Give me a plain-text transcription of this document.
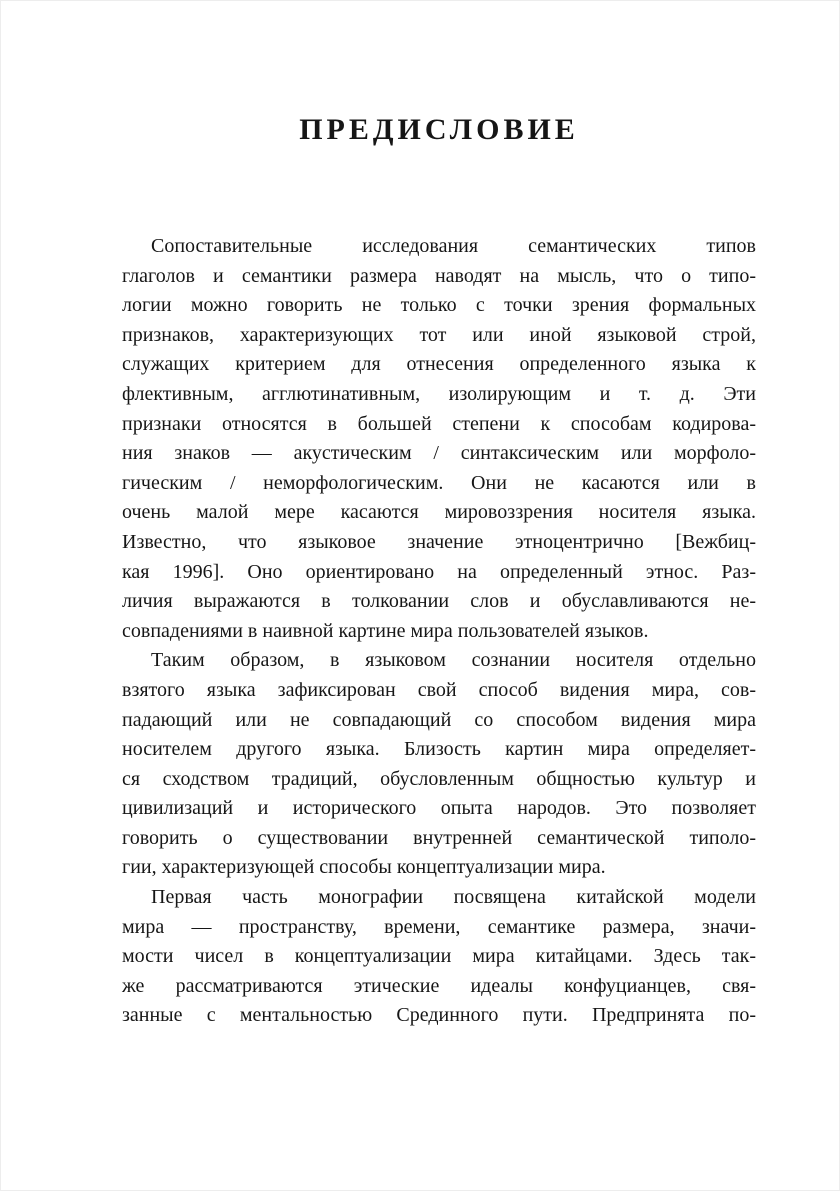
ПРЕДИСЛОВИЕ
Сопоставительные исследования семантических типов
глаголов и семантики размера наводят на мысль, что о типо-
логии можно говорить не только с точки зрения формальных
признаков, характеризующих тот или иной языковой строй,
служащих критерием для отнесения определенного языка к
флективным, агглютинативным, изолирующим и т. д. Эти
признаки относятся в большей степени к способам кодирова-
ния знаков — акустическим / синтаксическим или морфоло-
гическим / неморфологическим. Они не касаются или в
очень малой мере касаются мировоззрения носителя языка.
Известно, что языковое значение этноцентрично [Вежбиц-
кая 1996]. Оно ориентировано на определенный этнос. Раз-
личия выражаются в толковании слов и обуславливаются не-
совпадениями в наивной картине мира пользователей языков.
Таким образом, в языковом сознании носителя отдельно
взятого языка зафиксирован свой способ видения мира, сов-
падающий или не совпадающий со способом видения мира
носителем другого языка. Близость картин мира определяет-
ся сходством традиций, обусловленным общностью культур и
цивилизаций и исторического опыта народов. Это позволяет
говорить о существовании внутренней семантической типоло-
гии, характеризующей способы концептуализации мира.
Первая часть монографии посвящена китайской модели
мира — пространству, времени, семантике размера, значи-
мости чисел в концептуализации мира китайцами. Здесь так-
же рассматриваются этические идеалы конфуцианцев, свя-
занные с ментальностью Срединного пути. Предпринята по-
